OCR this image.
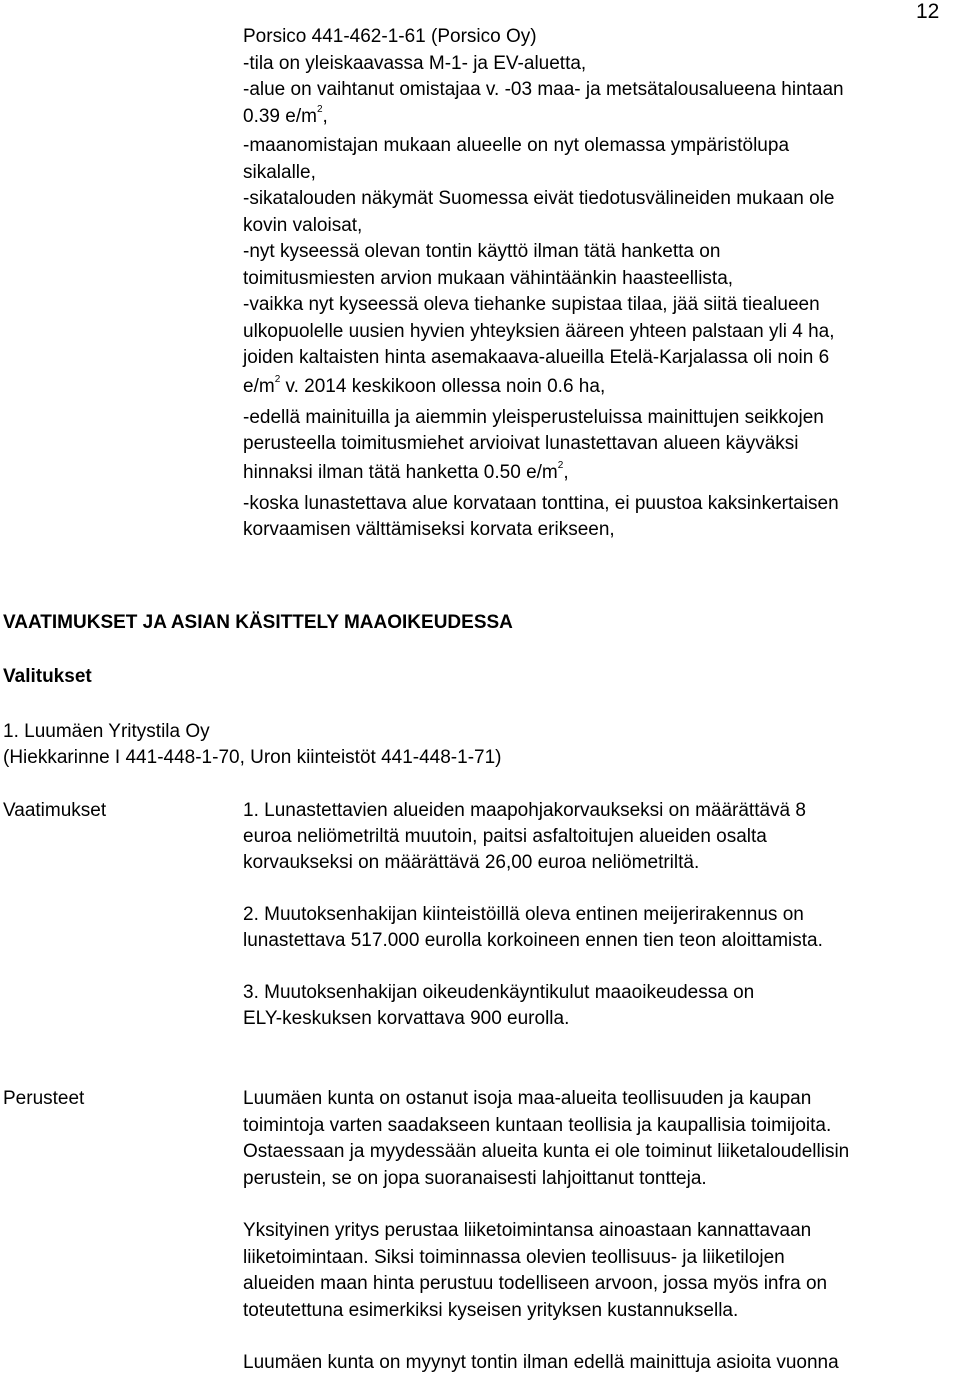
12
Porsico 441-462-1-61 (Porsico Oy)
-tila on yleiskaavassa M-1- ja EV-aluetta,
-alue on vaihtanut omistajaa v. -03 maa- ja metsätalousalueena hintaan
0.39 $e/m^2$,
-maanomistajan mukaan alueelle on nyt olemassa ympäristölupa
sikalalle,
-sikatalouden näkymät Suomessa eivät tiedotusvälineiden mukaan ole
kovin valoisat,
-nyt kyseessä olevan tontin käyttö ilman tätä hanketta on
toimitusmiesten arvion mukaan vähintäänkin haasteellista,
-vaikka nyt kyseessä oleva tiehanke supistaa tilaa, jää siitä tiealueen
ulkopuolelle uusien hyvien yhteyksien ääreen yhteen palstaan yli 4 ha,
joiden kaltaisten hinta asemakaava-alueilla Etelä-Karjalassa oli noin 6
$e/m^2$ v. 2014 keskikoon ollessa noin 0.6 ha,
-edellä mainituilla ja aiemmin yleisperusteluissa mainittujen seikkojen
perusteella toimitusmiehet arvioivat lunastettavan alueen käyväksi
hinnaksi ilman tätä hanketta 0.50 $e/m^2$,
-koska lunastettava alue korvataan tonttina, ei puustoa kaksinkertaisen
korvaamisen välttämiseksi korvata erikseen,
VAATIMUKSET JA ASIAN KÄSITTELY MAAOIKEUDESSA
Valitukset
1. Luumäen Yritystila Oy
(Hiekkarinne I 441-448-1-70, Uron kiinteistöt 441-448-1-71)
Vaatimukset	1. Lunastettavien alueiden maapohjakorvaukseksi on määrättävä 8
euroa neliömetriltä muutoin, paitsi asfaltoitujen alueiden osalta
korvaukseksi on määrättävä 26,00 euroa neliömetriltä.
2. Muutoksenhakijan kiinteistöillä oleva entinen meijerirakennus on
lunastettava 517.000 eurolla korkoineen ennen tien teon aloittamista.
3. Muutoksenhakijan oikeudenkäyntikulut maaoikeudessa on
ELY-keskuksen korvattava 900 eurolla.
Perusteet	Luumäen kunta on ostanut isoja maa-alueita teollisuuden ja kaupan
toimintoja varten saadakseen kuntaan teollisia ja kaupallisia toimijoita.
Ostaessaan ja myydessään alueita kunta ei ole toiminut liiketaloudellisin
perustein, se on jopa suoranaisesti lahjoittanut tontteja.
Yksityinen yritys perustaa liiketoimintansa ainoastaan kannattavaan
liiketoimintaan. Siksi toiminnassa olevien teollisuus- ja liiketilojen
alueiden maan hinta perustuu todelliseen arvoon, jossa myös infra on
toteutettuna esimerkiksi kyseisen yrityksen kustannuksella.
Luumäen kunta on myynyt tontin ilman edellä mainittuja asioita vuonna
